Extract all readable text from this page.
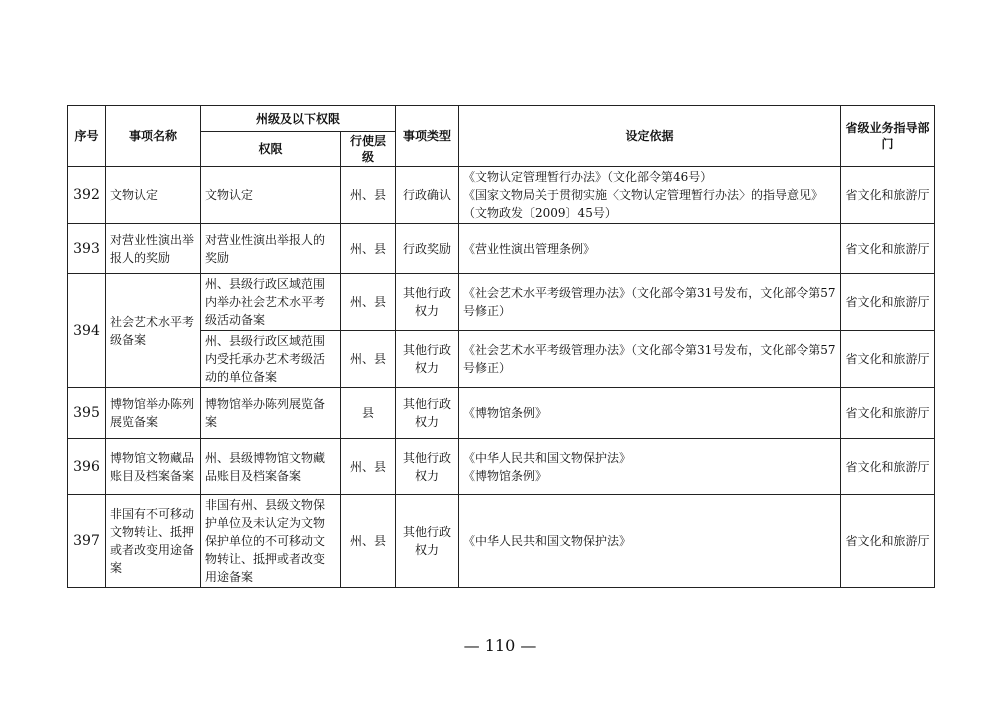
序号	事项名称	州级及以下权限		事项类型	设定依据	省级业务指导部门
		权限	行使层级			
392	文物认定	文物认定	州、县	行政确认	《文物认定管理暂行办法》（文化部令第46号）
《国家文物局关于贯彻实施〈文物认定管理暂行办法〉的指导意见》（文物政发〔2009〕45号）	省文化和旅游厅
393	对营业性演出举报人的奖励	对营业性演出举报人的奖励	州、县	行政奖励	《营业性演出管理条例》	省文化和旅游厅
394	社会艺术水平考级备案	州、县级行政区域范围内举办社会艺术水平考级活动备案	州、县	其他行政权力	《社会艺术水平考级管理办法》（文化部令第31号发布，文化部令第57号修正）	省文化和旅游厅
		州、县级行政区域范围内受托承办艺术考级活动的单位备案	州、县	其他行政权力	《社会艺术水平考级管理办法》（文化部令第31号发布，文化部令第57号修正）	省文化和旅游厅
395	博物馆举办陈列展览备案	博物馆举办陈列展览备案	县	其他行政权力	《博物馆条例》	省文化和旅游厅
396	博物馆文物藏品账目及档案备案	州、县级博物馆文物藏品账目及档案备案	州、县	其他行政权力	《中华人民共和国文物保护法》
《博物馆条例》	省文化和旅游厅
397	非国有不可移动文物转让、抵押或者改变用途备案	非国有州、县级文物保护单位及未认定为文物保护单位的不可移动文物转让、抵押或者改变用途备案	州、县	其他行政权力	《中华人民共和国文物保护法》	省文化和旅游厅
— 110 —
